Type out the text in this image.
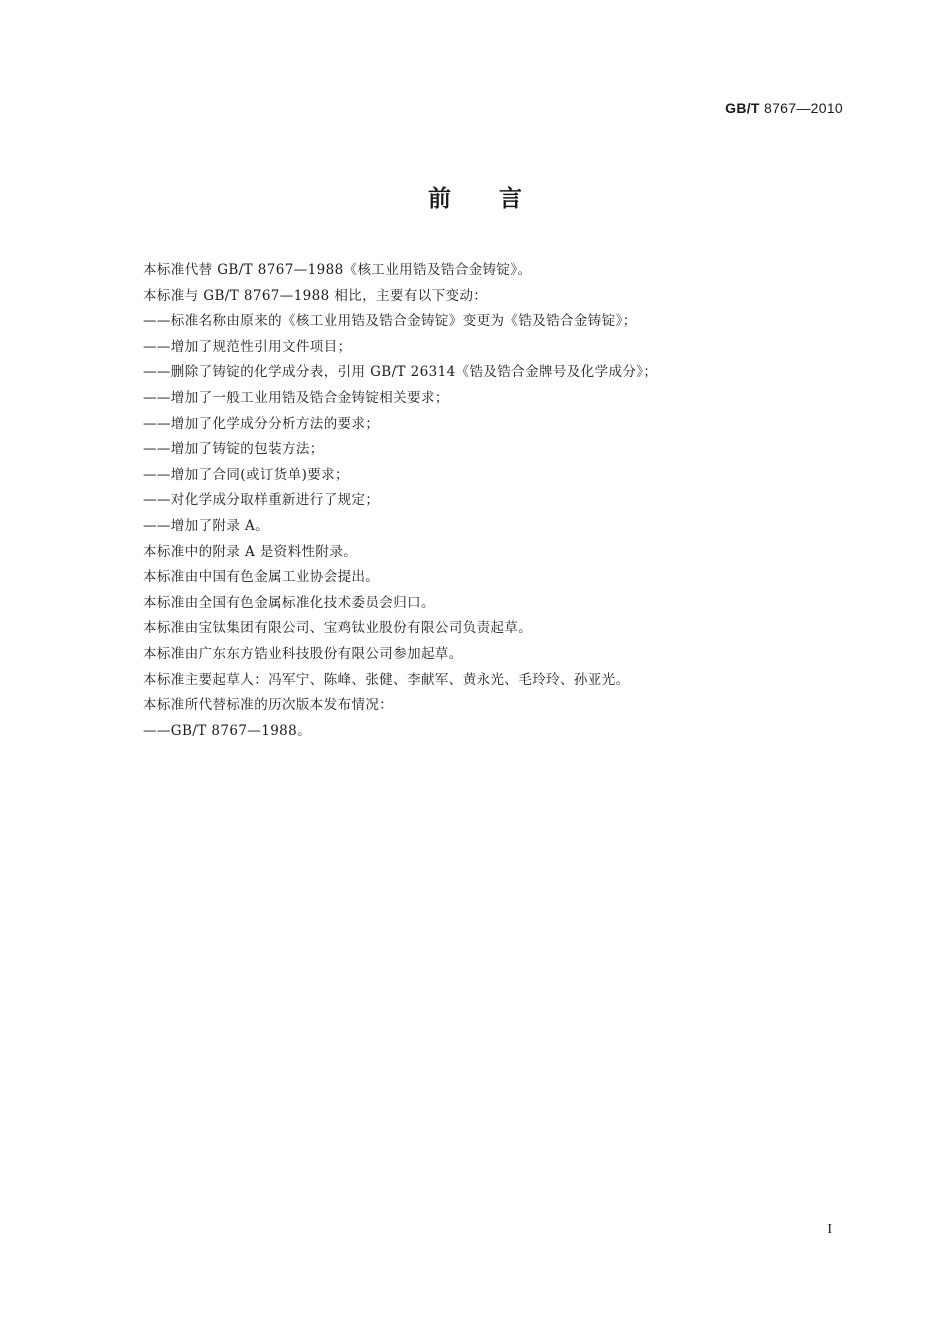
GB/T 8767—2010
前言
本标准代替 GB/T 8767—1988《核工业用锆及锆合金铸锭》。
本标准与 GB/T 8767—1988 相比，主要有以下变动：
——标准名称由原来的《核工业用锆及锆合金铸锭》变更为《锆及锆合金铸锭》；
——增加了规范性引用文件项目；
——删除了铸锭的化学成分表，引用 GB/T 26314《锆及锆合金牌号及化学成分》；
——增加了一般工业用锆及锆合金铸锭相关要求；
——增加了化学成分分析方法的要求；
——增加了铸锭的包装方法；
——增加了合同(或订货单)要求；
——对化学成分取样重新进行了规定；
——增加了附录 A。
本标准中的附录 A 是资料性附录。
本标准由中国有色金属工业协会提出。
本标准由全国有色金属标准化技术委员会归口。
本标准由宝钛集团有限公司、宝鸡钛业股份有限公司负责起草。
本标准由广东东方锆业科技股份有限公司参加起草。
本标准主要起草人：冯军宁、陈峰、张健、李献军、黄永光、毛玲玲、孙亚光。
本标准所代替标准的历次版本发布情况：
——GB/T 8767—1988。
I
